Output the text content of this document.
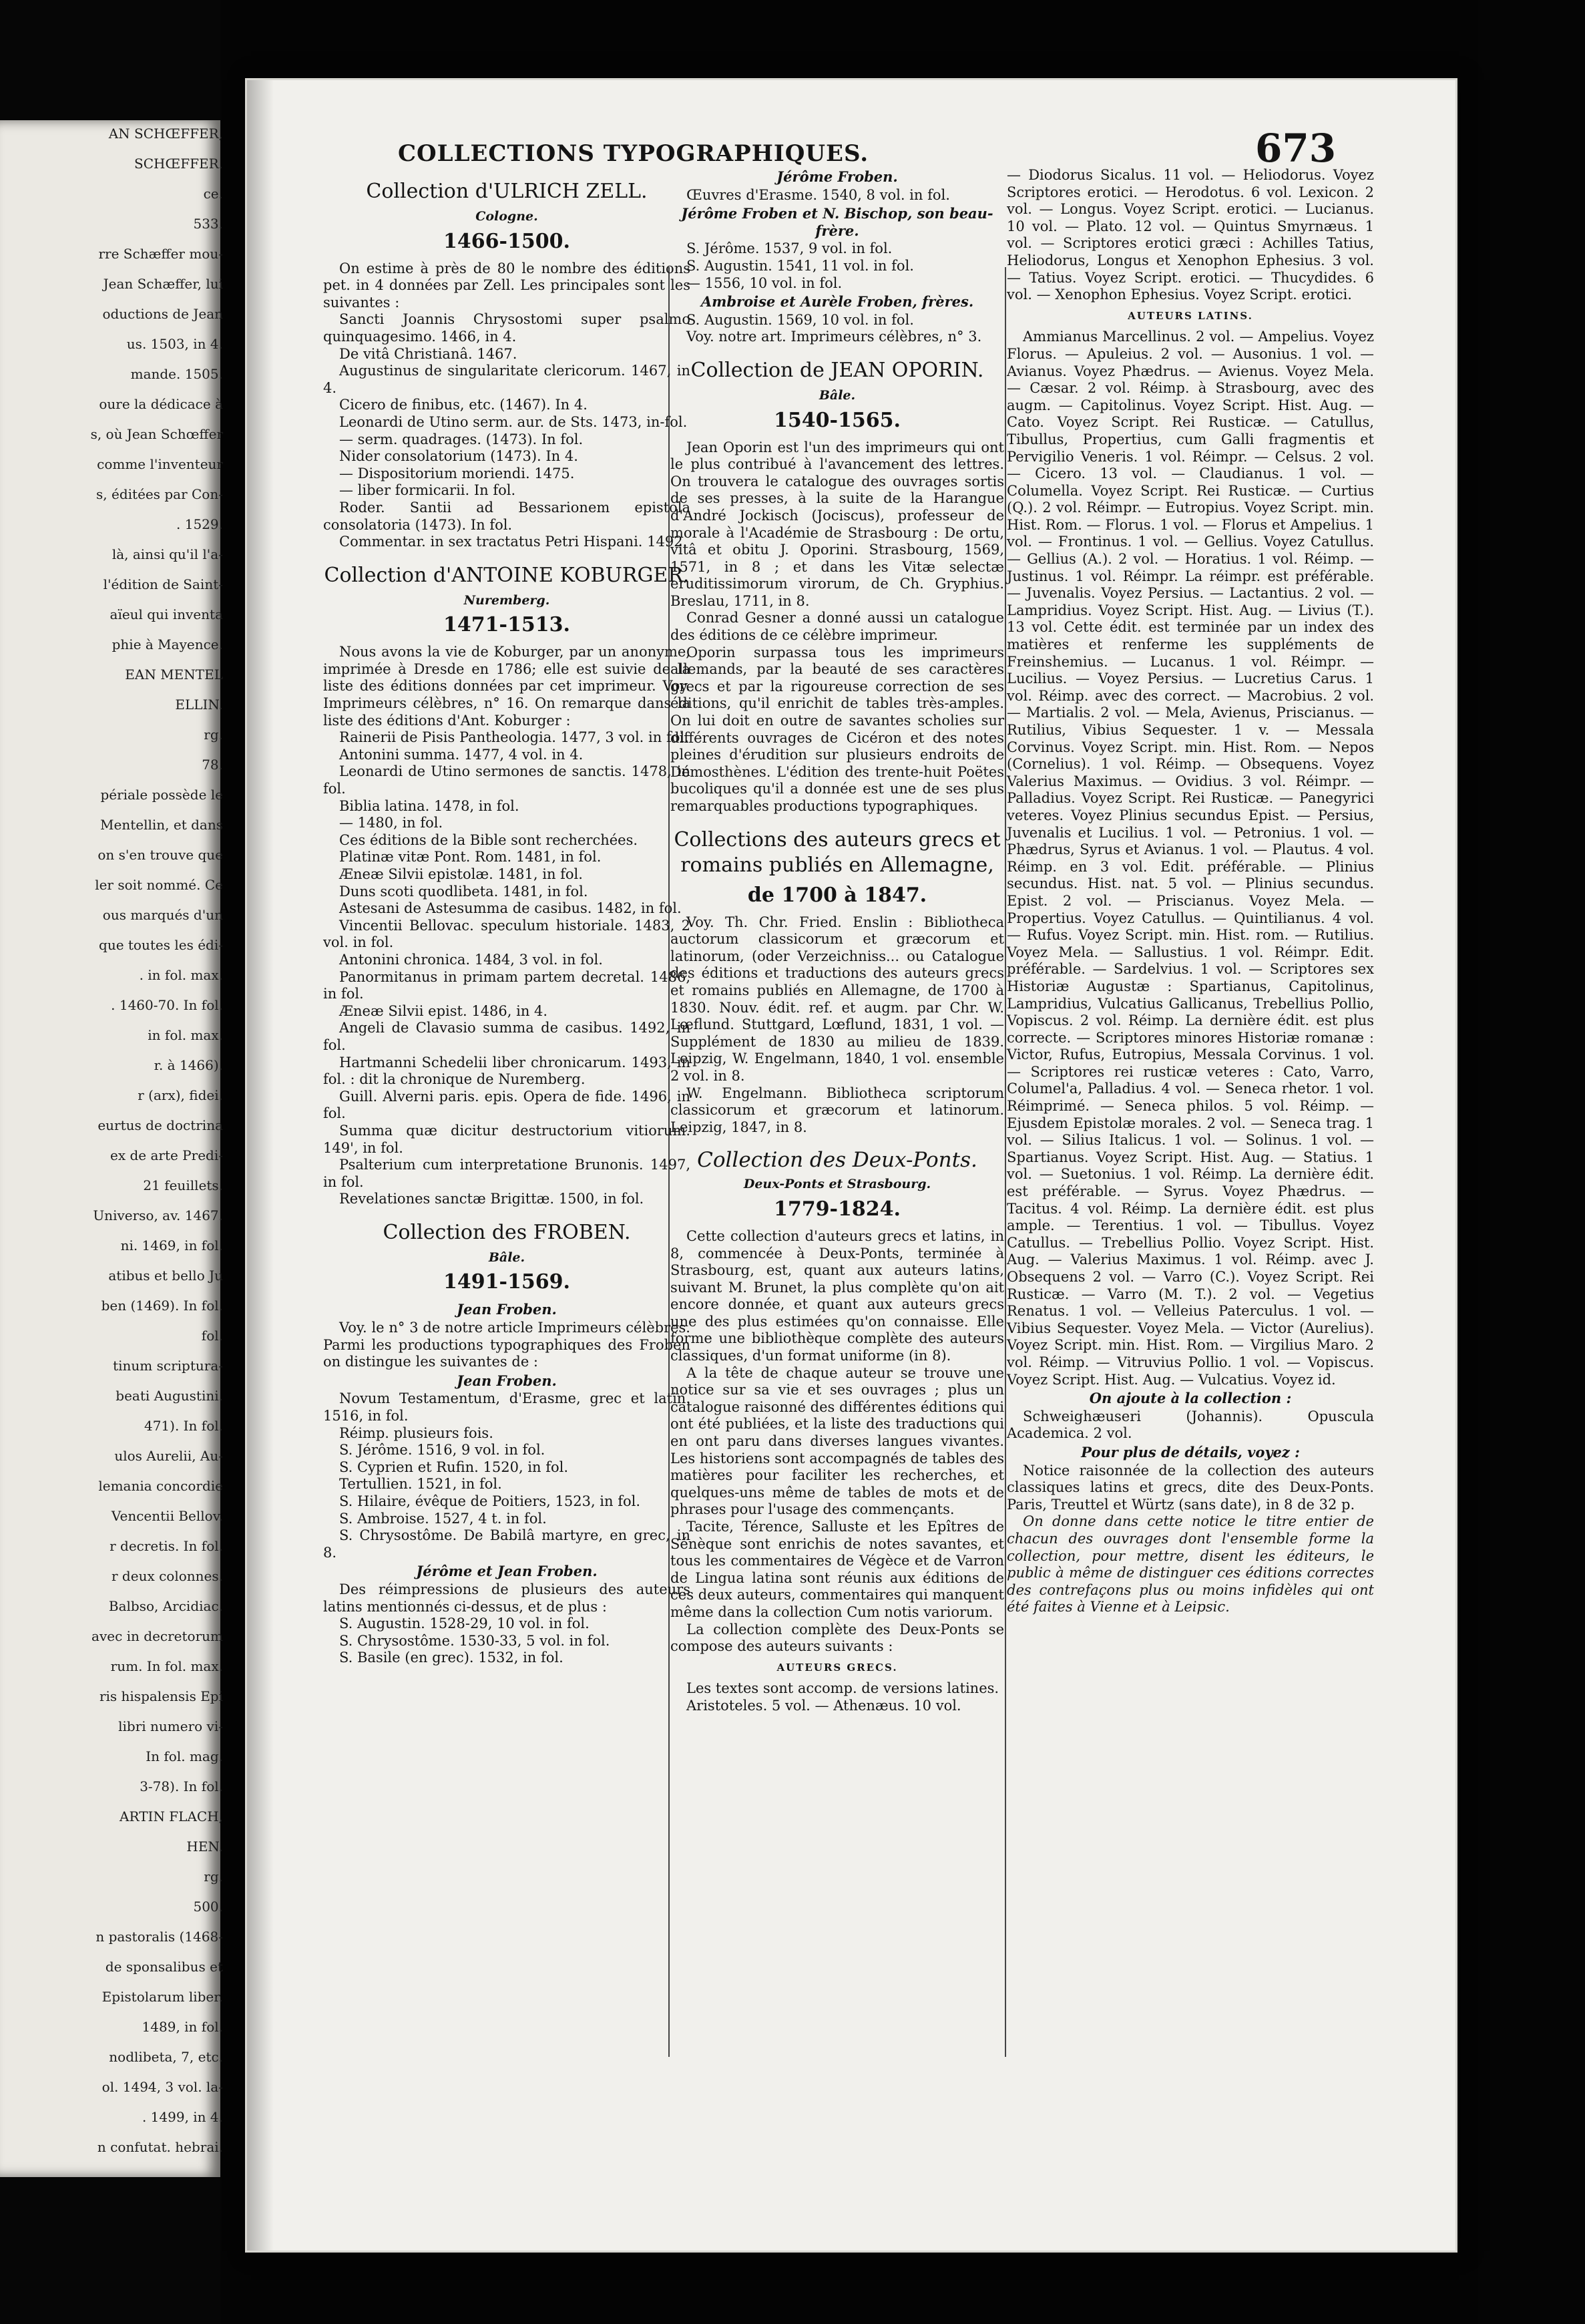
AN SCHŒFFER,
SCHŒFFER.
ce.
533.
rre Schæffer mou-
Jean Schæffer, lui
oductions de Jean
us. 1503, in 4.
mande. 1505.
oure la dédicace à
s, où Jean Schœffer
comme l'inventeur
s, éditées par Con-
. 1529.
là, ainsi qu'il l'a-
l'édition de Saint-
aïeul qui inventa
phie à Mayence.
EAN MENTEL
ELLIN.
rg.
78.
périale possède le
Mentellin, et dans
on s'en trouve que
ler soit nommé. Ce
ous marqués d'un
que toutes les édi-
. in fol. max.
. 1460-70. In fol.
in fol. max.
r. à 1466).
r (arx), fidei.
eurtus de doctrina
ex de arte Predi-
21 feuillets.
Universo, av. 1467.
ni. 1469, in fol.
atibus et bello Ju
ben (1469). In fol.
fol.
tinum scriptura-
beati Augustini.
471). In fol.
ulos Aurelii, Au-
lemania concordie
Vencentii Bellov.
r decretis. In fol.
r deux colonnes.
Balbso, Arcidiac.
avec in decretorum
rum. In fol. max.
ris hispalensis Epi
libri numero vi-
In fol. mag.
3-78). In fol.
ARTIN FLACH,
HEN.
rg.
500.
n pastoralis (1468-
de sponsalibus et
Epistolarum liber.
1489, in fol.
nodlibeta, 7, etc.
ol. 1494, 3 vol. la-
. 1499, in 4.
n confutat. hebrai.
COLLECTIONS TYPOGRAPHIQUES.	673

Collection d'ULRICH ZELL.

Cologne.

1466-1500.

On estime à près de 80 le nombre des éditions pet. in 4 données par Zell. Les principales sont les suivantes :

Sancti Joannis Chrysostomi super psalmo quinquagesimo. 1466, in 4.

De vitâ Christianâ. 1467.

Augustinus de singularitate clericorum. 1467, in 4.

Cicero de finibus, etc. (1467). In 4.

Leonardi de Utino serm. aur. de Sts. 1473, in-fol.

— serm. quadrages. (1473). In fol.

Nider consolatorium (1473). In 4.

— Dispositorium moriendi. 1475.

— liber formicarii. In fol.

Roder. Santii ad Bessarionem epistola consolatoria (1473). In fol.

Commentar. in sex tractatus Petri Hispani. 1492.

Collection d'ANTOINE KOBURGER.

Nuremberg.

1471-1513.

Nous avons la vie de Koburger, par un anonyme, imprimée à Dresde en 1786; elle est suivie de la liste des éditions données par cet imprimeur. Voy. Imprimeurs célèbres, n° 16. On remarque dans la liste des éditions d'Ant. Koburger :

Rainerii de Pisis Pantheologia. 1477, 3 vol. in fol.

Antonini summa. 1477, 4 vol. in 4.

Leonardi de Utino sermones de sanctis. 1478, in fol.

Biblia latina. 1478, in fol.

— 1480, in fol.

Ces éditions de la Bible sont recherchées.

Platinæ vitæ Pont. Rom. 1481, in fol.

Æneæ Silvii epistolæ. 1481, in fol.

Duns scoti quodlibeta. 1481, in fol.

Astesani de Astesumma de casibus. 1482, in fol.

Vincentii Bellovac. speculum historiale. 1483, 2 vol. in fol.

Antonini chronica. 1484, 3 vol. in fol.

Panormitanus in primam partem decretal. 1486, in fol.

Æneæ Silvii epist. 1486, in 4.

Angeli de Clavasio summa de casibus. 1492, in fol.

Hartmanni Schedelii liber chronicarum. 1493, in fol. : dit la chronique de Nuremberg.

Guill. Alverni paris. epis. Opera de fide. 1496, in fol.

Summa quæ dicitur destructorium vitiorum. 149', in fol.

Psalterium cum interpretatione Brunonis. 1497, in fol.

Revelationes sanctæ Brigittæ. 1500, in fol.

Collection des FROBEN.

Bâle.

1491-1569.

Jean Froben.

Voy. le n° 3 de notre article Imprimeurs célèbres. Parmi les productions typographiques des Froben on distingue les suivantes de :

Jean Froben.

Novum Testamentum, d'Erasme, grec et latin. 1516, in fol.

Réimp. plusieurs fois.

S. Jérôme. 1516, 9 vol. in fol.

S. Cyprien et Rufin. 1520, in fol.

Tertullien. 1521, in fol.

S. Hilaire, évêque de Poitiers, 1523, in fol.

S. Ambroise. 1527, 4 t. in fol.

S. Chrysostôme. De Babilâ martyre, en grec, in 8.

Jérôme et Jean Froben.

Des réimpressions de plusieurs des auteurs latins mentionnés ci-dessus, et de plus :

S. Augustin. 1528-29, 10 vol. in fol.

S. Chrysostôme. 1530-33, 5 vol. in fol.

S. Basile (en grec). 1532, in fol.

Jérôme Froben.

Œuvres d'Erasme. 1540, 8 vol. in fol.

Jérôme Froben et N. Bischop, son beau-frère.

S. Jérôme. 1537, 9 vol. in fol.

S. Augustin. 1541, 11 vol. in fol.

— 1556, 10 vol. in fol.

Ambroise et Aurèle Froben, frères.

S. Augustin. 1569, 10 vol. in fol.

Voy. notre art. Imprimeurs célèbres, n° 3.

Collection de JEAN OPORIN.

Bâle.

1540-1565.

Jean Oporin est l'un des imprimeurs qui ont le plus contribué à l'avancement des lettres. On trouvera le catalogue des ouvrages sortis de ses presses, à la suite de la Harangue d'André Jockisch (Jociscus), professeur de morale à l'Académie de Strasbourg : De ortu, vitâ et obitu J. Oporini. Strasbourg, 1569, 1571, in 8 ; et dans les Vitæ selectæ eruditissimorum virorum, de Ch. Gryphius. Breslau, 1711, in 8.

Conrad Gesner a donné aussi un catalogue des éditions de ce célèbre imprimeur.

Oporin surpassa tous les imprimeurs allemands, par la beauté de ses caractères grecs et par la rigoureuse correction de ses éditions, qu'il enrichit de tables très-amples. On lui doit en outre de savantes scholies sur différents ouvrages de Cicéron et des notes pleines d'érudition sur plusieurs endroits de Démosthènes. L'édition des trente-huit Poëtes bucoliques qu'il a donnée est une de ses plus remarquables productions typographiques.

Collections des auteurs grecs et romains publiés en Allemagne,

de 1700 à 1847.

Voy. Th. Chr. Fried. Enslin : Bibliotheca auctorum classicorum et græcorum et latinorum, (oder Verzeichniss... ou Catalogue des éditions et traductions des auteurs grecs et romains publiés en Allemagne, de 1700 à 1830. Nouv. édit. ref. et augm. par Chr. W. Lœflund. Stuttgard, Lœflund, 1831, 1 vol. — Supplément de 1830 au milieu de 1839. Leipzig, W. Engelmann, 1840, 1 vol. ensemble 2 vol. in 8.

W. Engelmann. Bibliotheca scriptorum classicorum et græcorum et latinorum. Leipzig, 1847, in 8.

Collection des Deux-Ponts.

Deux-Ponts et Strasbourg.

1779-1824.

Cette collection d'auteurs grecs et latins, in 8, commencée à Deux-Ponts, terminée à Strasbourg, est, quant aux auteurs latins, suivant M. Brunet, la plus complète qu'on ait encore donnée, et quant aux auteurs grecs une des plus estimées qu'on connaisse. Elle forme une bibliothèque complète des auteurs classiques, d'un format uniforme (in 8).

A la tête de chaque auteur se trouve une notice sur sa vie et ses ouvrages ; plus un catalogue raisonné des différentes éditions qui ont été publiées, et la liste des traductions qui en ont paru dans diverses langues vivantes. Les historiens sont accompagnés de tables des matières pour faciliter les recherches, et quelques-uns même de tables de mots et de phrases pour l'usage des commençants.

Tacite, Térence, Salluste et les Epîtres de Sénèque sont enrichis de notes savantes, et tous les commentaires de Végèce et de Varron de Lingua latina sont réunis aux éditions de ces deux auteurs, commentaires qui manquent même dans la collection Cum notis variorum.

La collection complète des Deux-Ponts se compose des auteurs suivants :

AUTEURS GRECS.

Les textes sont accomp. de versions latines.

Aristoteles. 5 vol. — Athenæus. 10 vol.

— Diodorus Sicalus. 11 vol. — Heliodorus. Voyez Scriptores erotici. — Herodotus. 6 vol. Lexicon. 2 vol. — Longus. Voyez Script. erotici. — Lucianus. 10 vol. — Plato. 12 vol. — Quintus Smyrnæus. 1 vol. — Scriptores erotici græci : Achilles Tatius, Heliodorus, Longus et Xenophon Ephesius. 3 vol. — Tatius. Voyez Script. erotici. — Thucydides. 6 vol. — Xenophon Ephesius. Voyez Script. erotici.

AUTEURS LATINS.

Ammianus Marcellinus. 2 vol. — Ampelius. Voyez Florus. — Apuleius. 2 vol. — Ausonius. 1 vol. — Avianus. Voyez Phædrus. — Avienus. Voyez Mela. — Cæsar. 2 vol. Réimp. à Strasbourg, avec des augm. — Capitolinus. Voyez Script. Hist. Aug. — Cato. Voyez Script. Rei Rusticæ. — Catullus, Tibullus, Propertius, cum Galli fragmentis et Pervigilio Veneris. 1 vol. Réimpr. — Celsus. 2 vol. — Cicero. 13 vol. — Claudianus. 1 vol. — Columella. Voyez Script. Rei Rusticæ. — Curtius (Q.). 2 vol. Réimpr. — Eutropius. Voyez Script. min. Hist. Rom. — Florus. 1 vol. — Florus et Ampelius. 1 vol. — Frontinus. 1 vol. — Gellius. Voyez Catullus. — Gellius (A.). 2 vol. — Horatius. 1 vol. Réimp. — Justinus. 1 vol. Réimpr. La réimpr. est préférable. — Juvenalis. Voyez Persius. — Lactantius. 2 vol. — Lampridius. Voyez Script. Hist. Aug. — Livius (T.). 13 vol. Cette édit. est terminée par un index des matières et renferme les suppléments de Freinshemius. — Lucanus. 1 vol. Réimpr. — Lucilius. — Voyez Persius. — Lucretius Carus. 1 vol. Réimp. avec des correct. — Macrobius. 2 vol. — Martialis. 2 vol. — Mela, Avienus, Priscianus. — Rutilius, Vibius Sequester. 1 v. — Messala Corvinus. Voyez Script. min. Hist. Rom. — Nepos (Cornelius). 1 vol. Réimp. — Obsequens. Voyez Valerius Maximus. — Ovidius. 3 vol. Réimpr. — Palladius. Voyez Script. Rei Rusticæ. — Panegyrici veteres. Voyez Plinius secundus Epist. — Persius, Juvenalis et Lucilius. 1 vol. — Petronius. 1 vol. — Phædrus, Syrus et Avianus. 1 vol. — Plautus. 4 vol. Réimp. en 3 vol. Edit. préférable. — Plinius secundus. Hist. nat. 5 vol. — Plinius secundus. Epist. 2 vol. — Priscianus. Voyez Mela. — Propertius. Voyez Catullus. — Quintilianus. 4 vol. — Rufus. Voyez Script. min. Hist. rom. — Rutilius. Voyez Mela. — Sallustius. 1 vol. Réimpr. Edit. préférable. — Sardelvius. 1 vol. — Scriptores sex Historiæ Augustæ : Spartianus, Capitolinus, Lampridius, Vulcatius Gallicanus, Trebellius Pollio, Vopiscus. 2 vol. Réimp. La dernière édit. est plus correcte. — Scriptores minores Historiæ romanæ : Victor, Rufus, Eutropius, Messala Corvinus. 1 vol. — Scriptores rei rusticæ veteres : Cato, Varro, Columel'a, Palladius. 4 vol. — Seneca rhetor. 1 vol. Réimprimé. — Seneca philos. 5 vol. Réimp. — Ejusdem Epistolæ morales. 2 vol. — Seneca trag. 1 vol. — Silius Italicus. 1 vol. — Solinus. 1 vol. — Spartianus. Voyez Script. Hist. Aug. — Statius. 1 vol. — Suetonius. 1 vol. Réimp. La dernière édit. est préférable. — Syrus. Voyez Phædrus. — Tacitus. 4 vol. Réimp. La dernière édit. est plus ample. — Terentius. 1 vol. — Tibullus. Voyez Catullus. — Trebellius Pollio. Voyez Script. Hist. Aug. — Valerius Maximus. 1 vol. Réimp. avec J. Obsequens 2 vol. — Varro (C.). Voyez Script. Rei Rusticæ. — Varro (M. T.). 2 vol. — Vegetius Renatus. 1 vol. — Velleius Paterculus. 1 vol. — Vibius Sequester. Voyez Mela. — Victor (Aurelius). Voyez Script. min. Hist. Rom. — Virgilius Maro. 2 vol. Réimp. — Vitruvius Pollio. 1 vol. — Vopiscus. Voyez Script. Hist. Aug. — Vulcatius. Voyez id.

On ajoute à la collection :

Schweighæuseri (Johannis). Opuscula Academica. 2 vol.

Pour plus de détails, voyez :

Notice raisonnée de la collection des auteurs classiques latins et grecs, dite des Deux-Ponts. Paris, Treuttel et Würtz (sans date), in 8 de 32 p.

On donne dans cette notice le titre entier de chacun des ouvrages dont l'ensemble forme la collection, pour mettre, disent les éditeurs, le public à même de distinguer ces éditions correctes des contrefaçons plus ou moins infidèles qui ont été faites à Vienne et à Leipsic.
